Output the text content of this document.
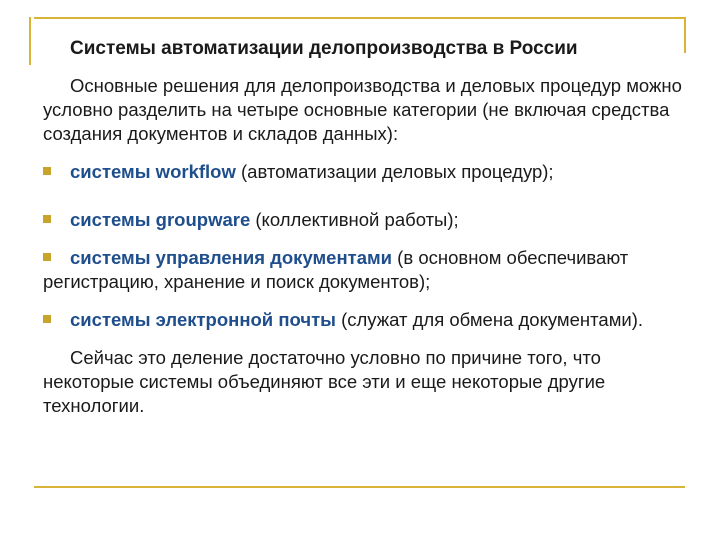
Системы автоматизации делопроизводства в России

Основные решения для делопроизводства и деловых процедур можно условно разделить на четыре основные категории (не включая средства создания документов и складов данных):

системы workflow (автоматизации деловых процедур);

системы groupware (коллективной работы);

системы управления документами (в основном обеспечивают регистрацию, хранение и поиск документов);

системы электронной почты (служат для обмена документами).

Сейчас это деление достаточно условно по причине того, что некоторые системы объединяют все эти и еще некоторые другие технологии.
